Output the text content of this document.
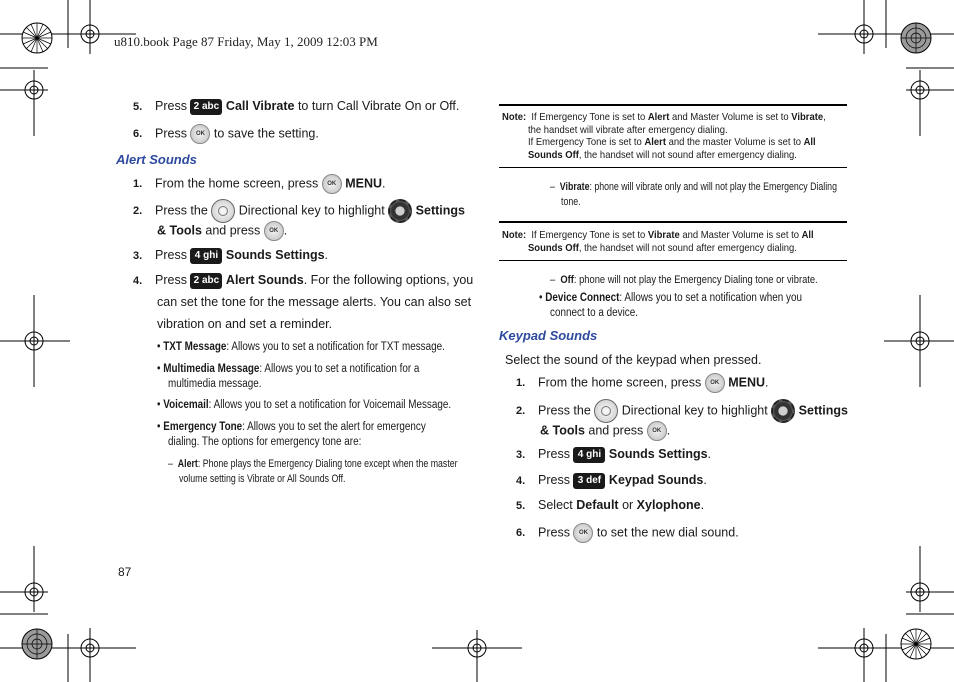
u810.book Page 87 Friday, May 1, 2009 12:03 PM
5. Press 2 abc Call Vibrate to turn Call Vibrate On or Off.
6. Press OK to save the setting.
Alert Sounds
1. From the home screen, press OK MENU.
2. Press the Directional key to highlight Settings
& Tools and press OK .
3. Press 4 ghi Sounds Settings.
4. Press 2 abc Alert Sounds. For the following options, you
can set the tone for the message alerts. You can also set
vibration on and set a reminder.
• TXT Message: Allows you to set a notification for TXT message.
• Multimedia Message: Allows you to set a notification for a
multimedia message.
• Voicemail: Allows you to set a notification for Voicemail Message.
• Emergency Tone: Allows you to set the alert for emergency
dialing. The options for emergency tone are:
–  Alert: Phone plays the Emergency Dialing tone except when the master
volume setting is Vibrate or All Sounds Off.
87
Note: If Emergency Tone is set to Alert and Master Volume is set to Vibrate,
the handset will vibrate after emergency dialing.
If Emergency Tone is set to Alert and the master Volume is set to All
Sounds Off, the handset will not sound after emergency dialing.
–  Vibrate: phone will vibrate only and will not play the Emergency Dialing
tone.
Note: If Emergency Tone is set to Vibrate and Master Volume is set to All
Sounds Off, the handset will not sound after emergency dialing.
–  Off: phone will not play the Emergency Dialing tone or vibrate.
• Device Connect: Allows you to set a notification when you
connect to a device.
Keypad Sounds
Select the sound of the keypad when pressed.
1. From the home screen, press OK MENU.
2. Press the Directional key to highlight Settings
& Tools and press OK .
3. Press 4 ghi Sounds Settings.
4. Press 3 def Keypad Sounds.
5. Select Default or Xylophone.
6. Press OK to set the new dial sound.
